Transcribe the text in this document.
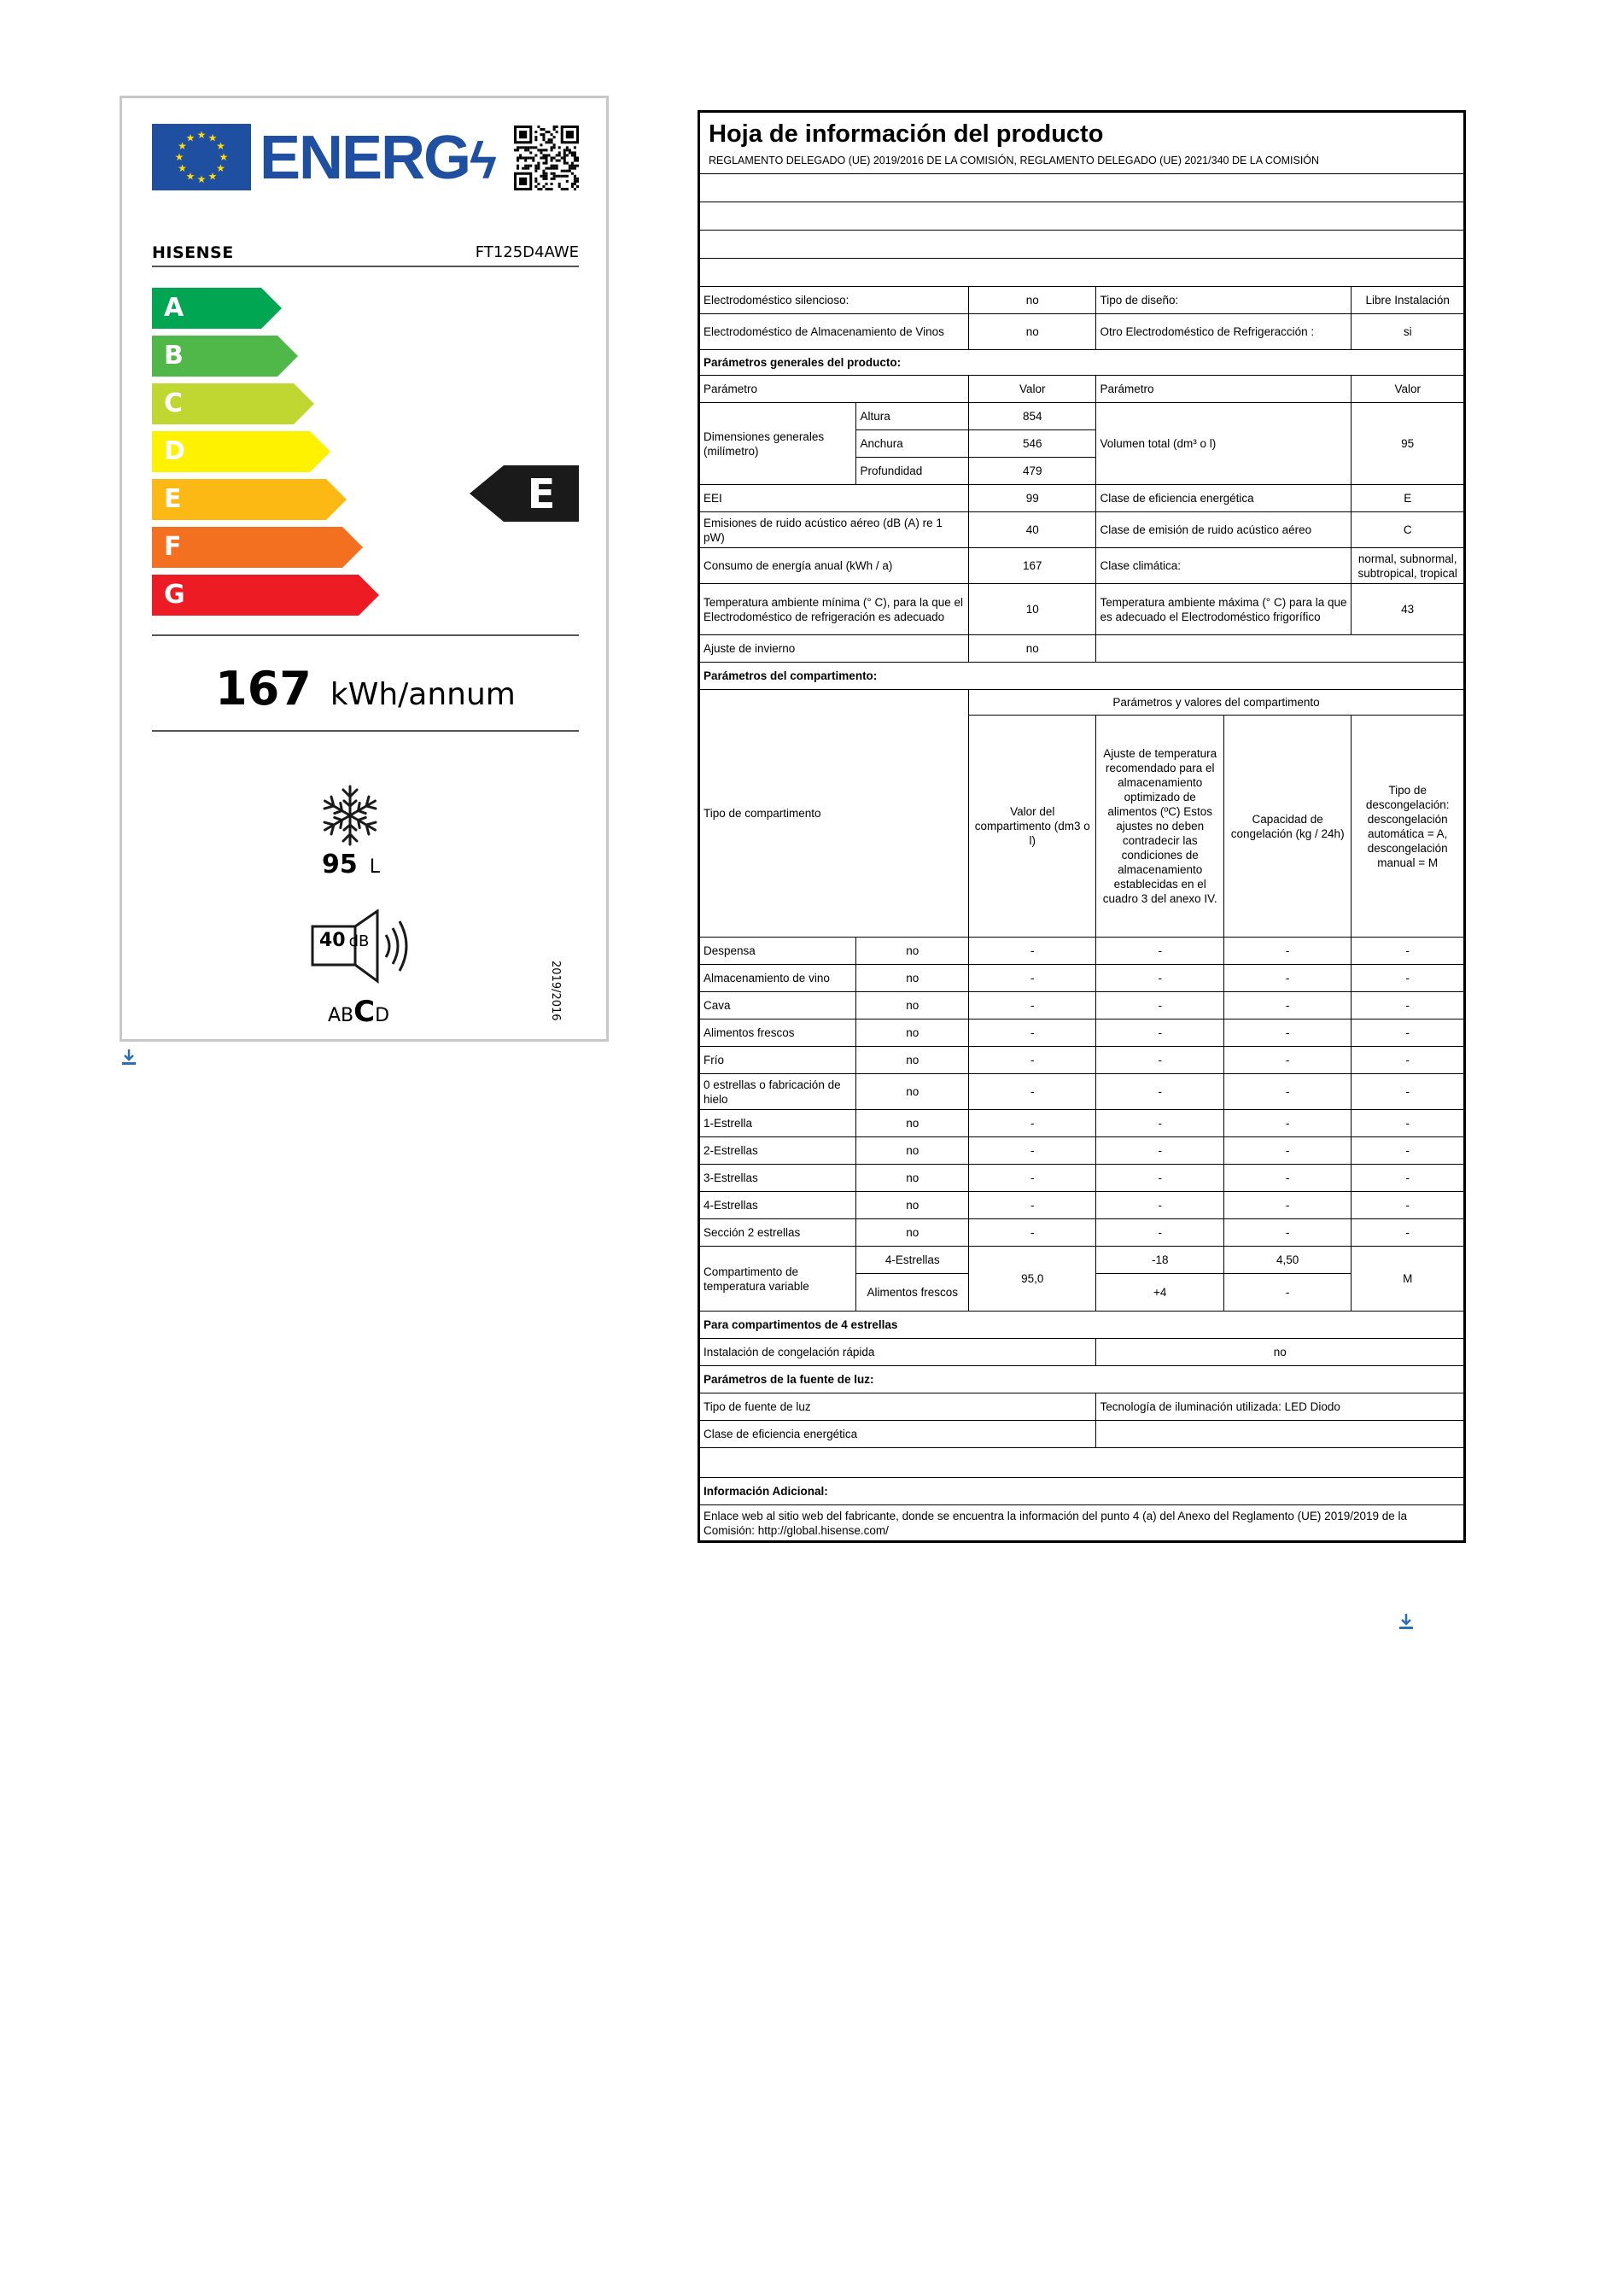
★
★
★
★
★
★
★
★
★ ★ ★
★ ENERGϟ
HISENSE	FT125D4AWE
A
B
C
D
E
F
G
E
167 kWh/annum
95 L
40 dB
ABCD	2019/2016
Hoja de información del producto					
REGLAMENTO DELEGADO (UE) 2019/2016 DE LA COMISIÓN, REGLAMENTO DELEGADO (UE) 2021/340 DE LA COMISIÓN					

Electrodoméstico silencioso:		no	Tipo de diseño:		Libre Instalación
Electrodoméstico de Almacenamiento de Vinos		no	Otro Electrodoméstico de Refrigeracción :		si
Parámetros generales del producto:					
Parámetro		Valor	Parámetro		Valor
Dimensiones generales (milímetro)	Altura	854	Volumen total (dm³ o l)		95
	Anchura	546			
	Profundidad	479			
EEI		99	Clase de eficiencia energética		E
Emisiones de ruido acústico aéreo (dB (A) re 1 pW)		40	Clase de emisión de ruido acústico aéreo		C
Consumo de energía anual (kWh / a)		167	Clase climática:		normal, subnormal, subtropical, tropical
Temperatura ambiente mínima (° C), para la que el Electrodoméstico de refrigeración es adecuado		10	Temperatura ambiente máxima (° C) para la que es adecuado el Electrodoméstico frigorífico		43
Ajuste de invierno		no			
Parámetros del compartimento:					
Tipo de compartimento		Parámetros y valores del compartimento			
		Valor del compartimento (dm3 o l)	Ajuste de temperatura recomendado para el almacenamiento optimizado de alimentos (ºC) Estos ajustes no deben contradecir las condiciones de almacenamiento establecidas en el cuadro 3 del anexo IV.	Capacidad de congelación (kg / 24h)	Tipo de descongelación: descongelación automática = A, descongelación manual = M
Despensa	no	-	-	-	-
Almacenamiento de vino	no	-	-	-	-
Cava	no	-	-	-	-
Alimentos frescos	no	-	-	-	-
Frío	no	-	-	-	-
0 estrellas o fabricación de hielo	no	-	-	-	-
1-Estrella	no	-	-	-	-
2-Estrellas	no	-	-	-	-
3-Estrellas	no	-	-	-	-
4-Estrellas	no	-	-	-	-
Sección 2 estrellas	no	-	-	-	-
Compartimento de temperatura variable	4-Estrellas	95,0	-18	4,50	M
	Alimentos frescos		+4	-	
Para compartimentos de 4 estrellas					
Instalación de congelación rápida			no		
Parámetros de la fuente de luz:					
Tipo de fuente de luz			Tecnología de iluminación utilizada: LED Diodo		
Clase de eficiencia energética					

Información Adicional:					
Enlace web al sitio web del fabricante, donde se encuentra la información del punto 4 (a) del Anexo del Reglamento (UE) 2019/2019 de la Comisión: http://global.hisense.com/					
